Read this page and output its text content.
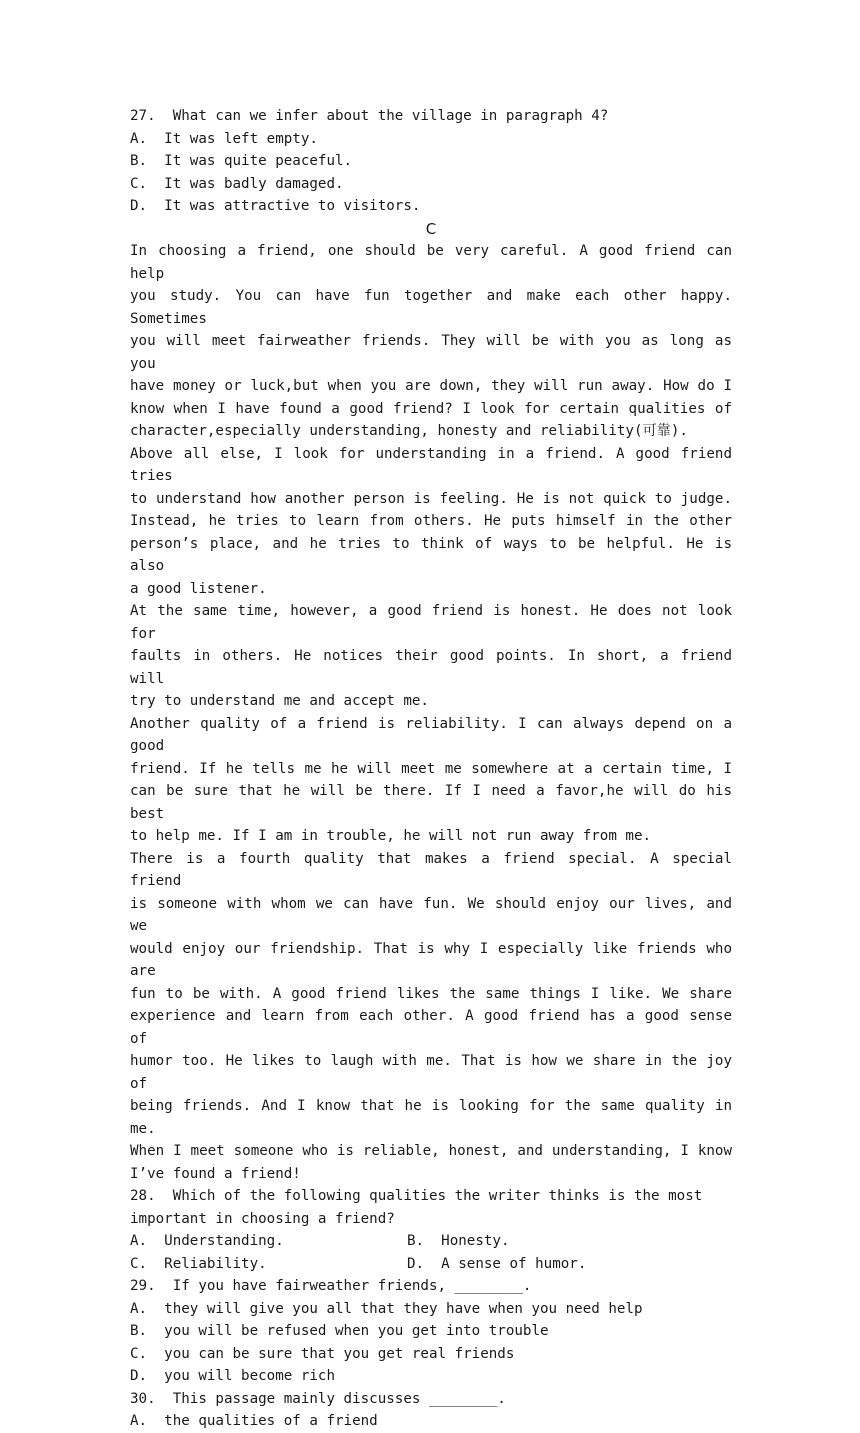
27.  What can we infer about the village in paragraph 4?
A.  It was left empty.
B.  It was quite peaceful.
C.  It was badly damaged.
D.  It was attractive to visitors.
C
In choosing a friend, one should be very careful. A good friend can help
you study. You can have fun together and make each other happy. Sometimes
you will meet fairweather friends. They will be with you as long as you
have money or luck,but when you are down, they will run away. How do I
know when I have found a good friend? I look for certain qualities of
character,especially understanding, honesty and reliability(可靠).
Above all else, I look for understanding in a friend. A good friend tries
to understand how another person is feeling. He is not quick to judge.
Instead, he tries to learn from others. He puts himself in the other
person’s place, and he tries to think of ways to be helpful. He is also
a good listener.
At the same time, however, a good friend is honest. He does not look for
faults in others. He notices their good points. In short, a friend will
try to understand me and accept me.
Another quality of a friend is reliability. I can always depend on a good
friend. If he tells me he will meet me somewhere at a certain time, I
can be sure that he will be there. If I need a favor,he will do his best
to help me. If I am in trouble, he will not run away from me.
There is a fourth quality that makes a friend special. A special friend
is someone with whom we can have fun. We should enjoy our lives, and we
would enjoy our friendship. That is why I especially like friends who are
fun to be with. A good friend likes the same things I like. We share
experience and learn from each other. A good friend has a good sense of
humor too. He likes to laugh with me. That is how we share in the joy of
being friends. And I know that he is looking for the same quality in me.
When I meet someone who is reliable, honest, and understanding, I know
I’ve found a friend!
28.  Which of the following qualities the writer thinks is the most
important in choosing a friend?
A.  Understanding.	B.  Honesty.
C.  Reliability.	D.  A sense of humor.
29.  If you have fairweather friends, ________.
A.  they will give you all that they have when you need help
B.  you will be refused when you get into trouble
C.  you can be sure that you get real friends
D.  you will become rich
30.  This passage mainly discusses ________.
A.  the qualities of a friend
